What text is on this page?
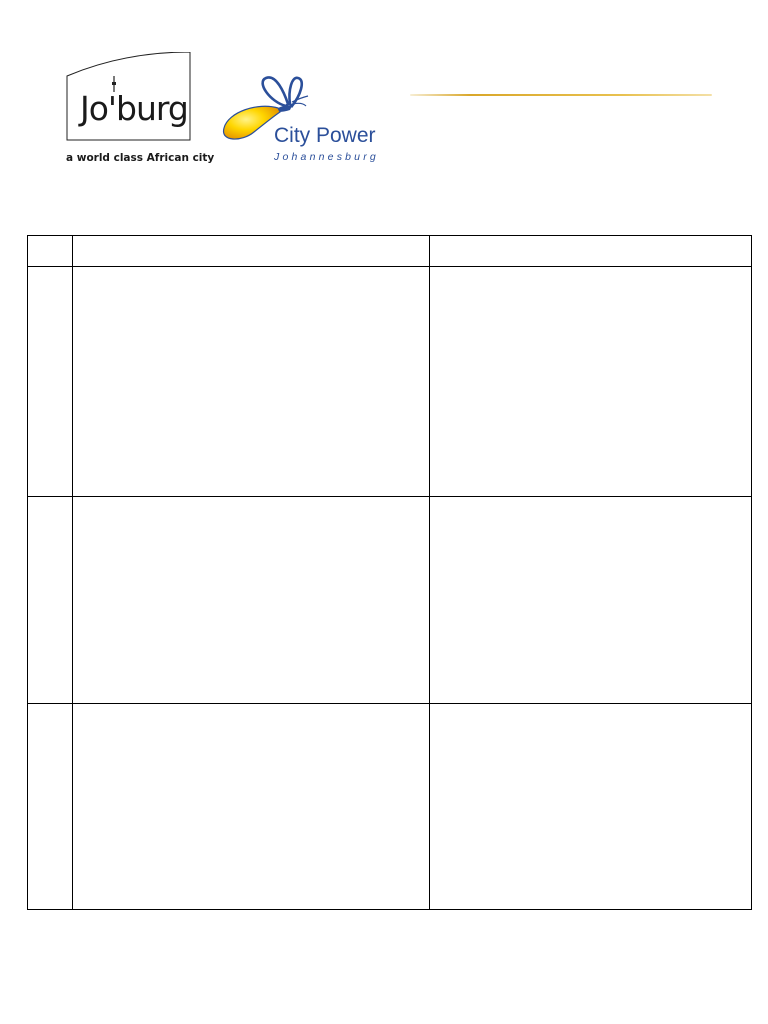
Jo'burg
a world class African city
City Power
Johannesburg
